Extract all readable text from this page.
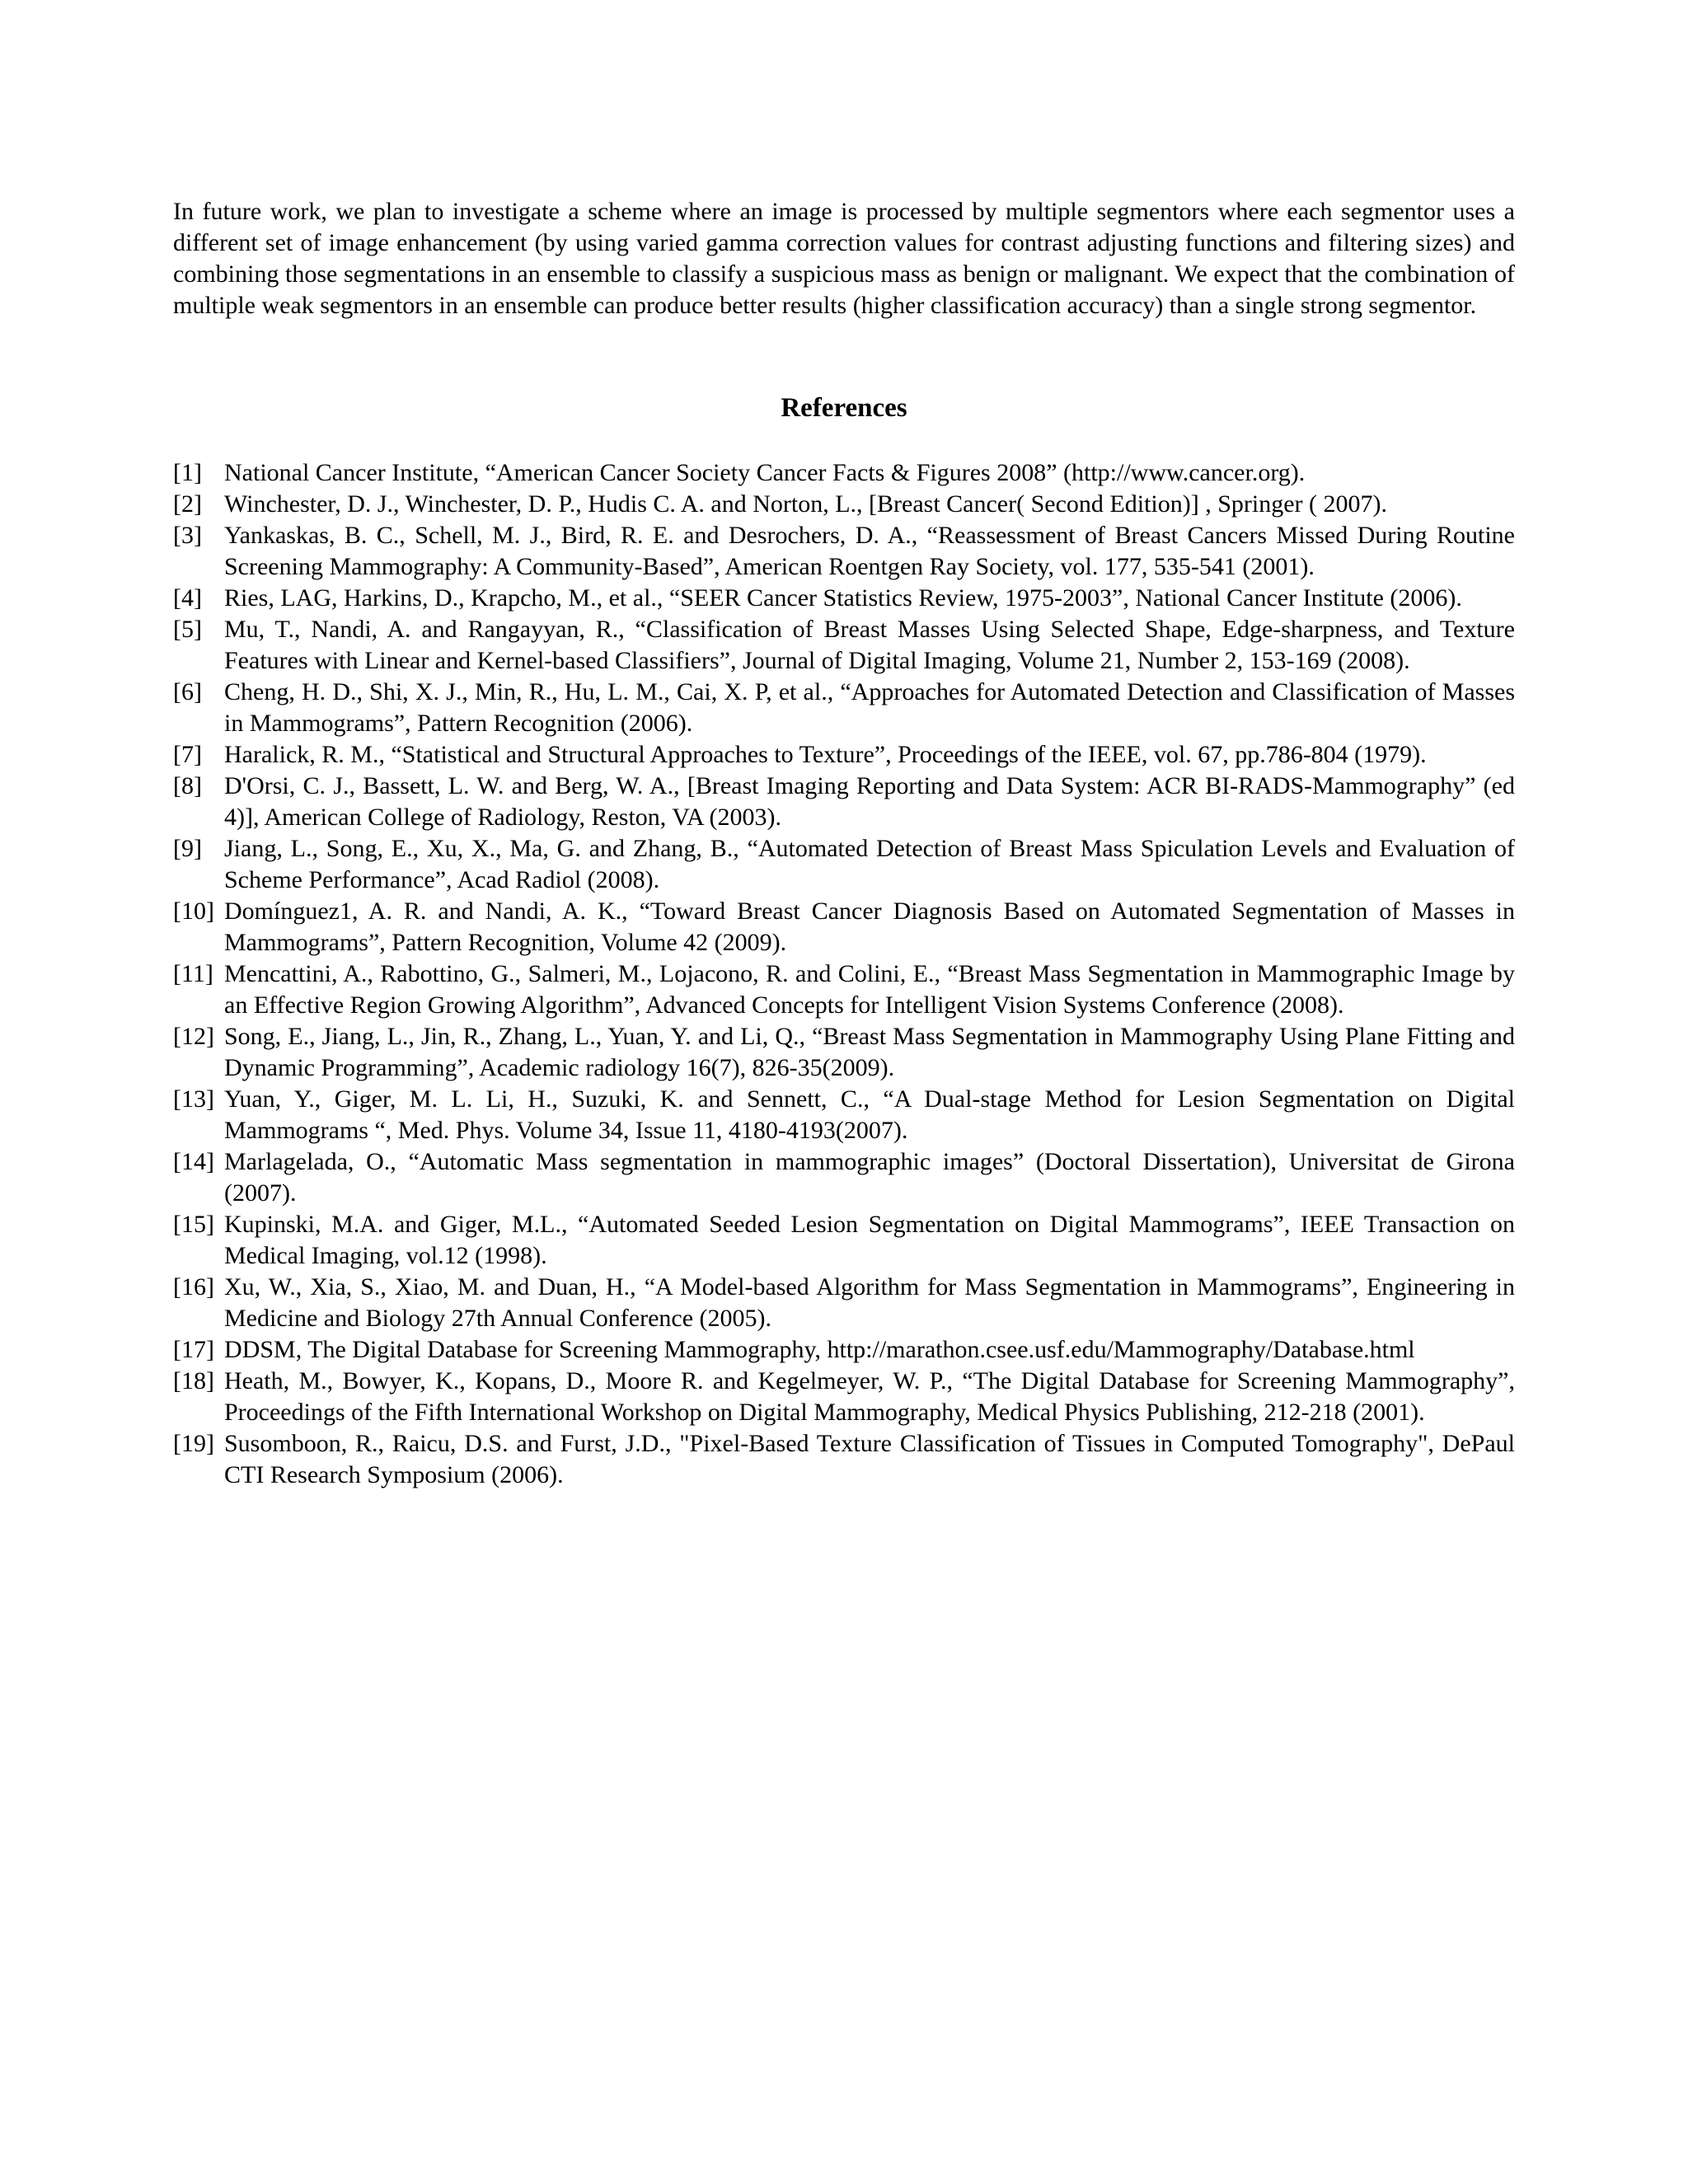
In future work, we plan to investigate a scheme where an image is processed by multiple segmentors where each segmentor uses a different set of image enhancement (by using varied gamma correction values for contrast adjusting functions and filtering sizes) and combining those segmentations in an ensemble to classify a suspicious mass as benign or malignant. We expect that the combination of multiple weak segmentors in an ensemble can produce better results (higher classification accuracy) than a single strong segmentor.

References
[1] National Cancer Institute, “American Cancer Society Cancer Facts & Figures 2008” (http://www.cancer.org).
[2] Winchester, D. J., Winchester, D. P., Hudis C. A. and Norton, L., [Breast Cancer( Second Edition)] , Springer ( 2007).
[3] Yankaskas, B. C., Schell, M. J., Bird, R. E. and Desrochers, D. A., “Reassessment of Breast Cancers Missed During Routine Screening Mammography: A Community-Based”, American Roentgen Ray Society, vol. 177, 535-541 (2001).
[4] Ries, LAG, Harkins, D., Krapcho, M., et al., “SEER Cancer Statistics Review, 1975-2003”, National Cancer Institute (2006).
[5] Mu, T., Nandi, A. and Rangayyan, R., “Classification of Breast Masses Using Selected Shape, Edge-sharpness, and Texture Features with Linear and Kernel-based Classifiers”, Journal of Digital Imaging, Volume 21, Number 2, 153-169 (2008).
[6] Cheng, H. D., Shi, X. J., Min, R., Hu, L. M., Cai, X. P, et al., “Approaches for Automated Detection and Classification of Masses in Mammograms”, Pattern Recognition (2006).
[7] Haralick, R. M., “Statistical and Structural Approaches to Texture”, Proceedings of the IEEE, vol. 67, pp.786-804 (1979).
[8] D'Orsi, C. J., Bassett, L. W. and Berg, W. A., [Breast Imaging Reporting and Data System: ACR BI-RADS-Mammography” (ed 4)], American College of Radiology, Reston, VA (2003).
[9] Jiang, L., Song, E., Xu, X., Ma, G. and Zhang, B., “Automated Detection of Breast Mass Spiculation Levels and Evaluation of Scheme Performance”, Acad Radiol (2008).
[10] Domínguez1, A. R. and Nandi, A. K., “Toward Breast Cancer Diagnosis Based on Automated Segmentation of Masses in Mammograms”, Pattern Recognition, Volume 42 (2009).
[11] Mencattini, A., Rabottino, G., Salmeri, M., Lojacono, R. and Colini, E., “Breast Mass Segmentation in Mammographic Image by an Effective Region Growing Algorithm”, Advanced Concepts for Intelligent Vision Systems Conference (2008).
[12] Song, E., Jiang, L., Jin, R., Zhang, L., Yuan, Y. and Li, Q., “Breast Mass Segmentation in Mammography Using Plane Fitting and Dynamic Programming”, Academic radiology 16(7), 826-35(2009).
[13] Yuan, Y., Giger, M. L. Li, H., Suzuki, K. and Sennett, C., “A Dual-stage Method for Lesion Segmentation on Digital Mammograms “, Med. Phys. Volume 34, Issue 11, 4180-4193(2007).
[14] Marlagelada, O., “Automatic Mass segmentation in mammographic images” (Doctoral Dissertation), Universitat de Girona (2007).
[15] Kupinski, M.A. and Giger, M.L., “Automated Seeded Lesion Segmentation on Digital Mammograms”, IEEE Transaction on Medical Imaging, vol.12 (1998).
[16] Xu, W., Xia, S., Xiao, M. and Duan, H., “A Model-based Algorithm for Mass Segmentation in Mammograms”, Engineering in Medicine and Biology 27th Annual Conference (2005).
[17] DDSM, The Digital Database for Screening Mammography, http://marathon.csee.usf.edu/Mammography/Database.html
[18] Heath, M., Bowyer, K., Kopans, D., Moore R. and Kegelmeyer, W. P., “The Digital Database for Screening Mammography”, Proceedings of the Fifth International Workshop on Digital Mammography, Medical Physics Publishing, 212-218 (2001).
[19] Susomboon, R., Raicu, D.S. and Furst, J.D., "Pixel-Based Texture Classification of Tissues in Computed Tomography", DePaul CTI Research Symposium (2006).
